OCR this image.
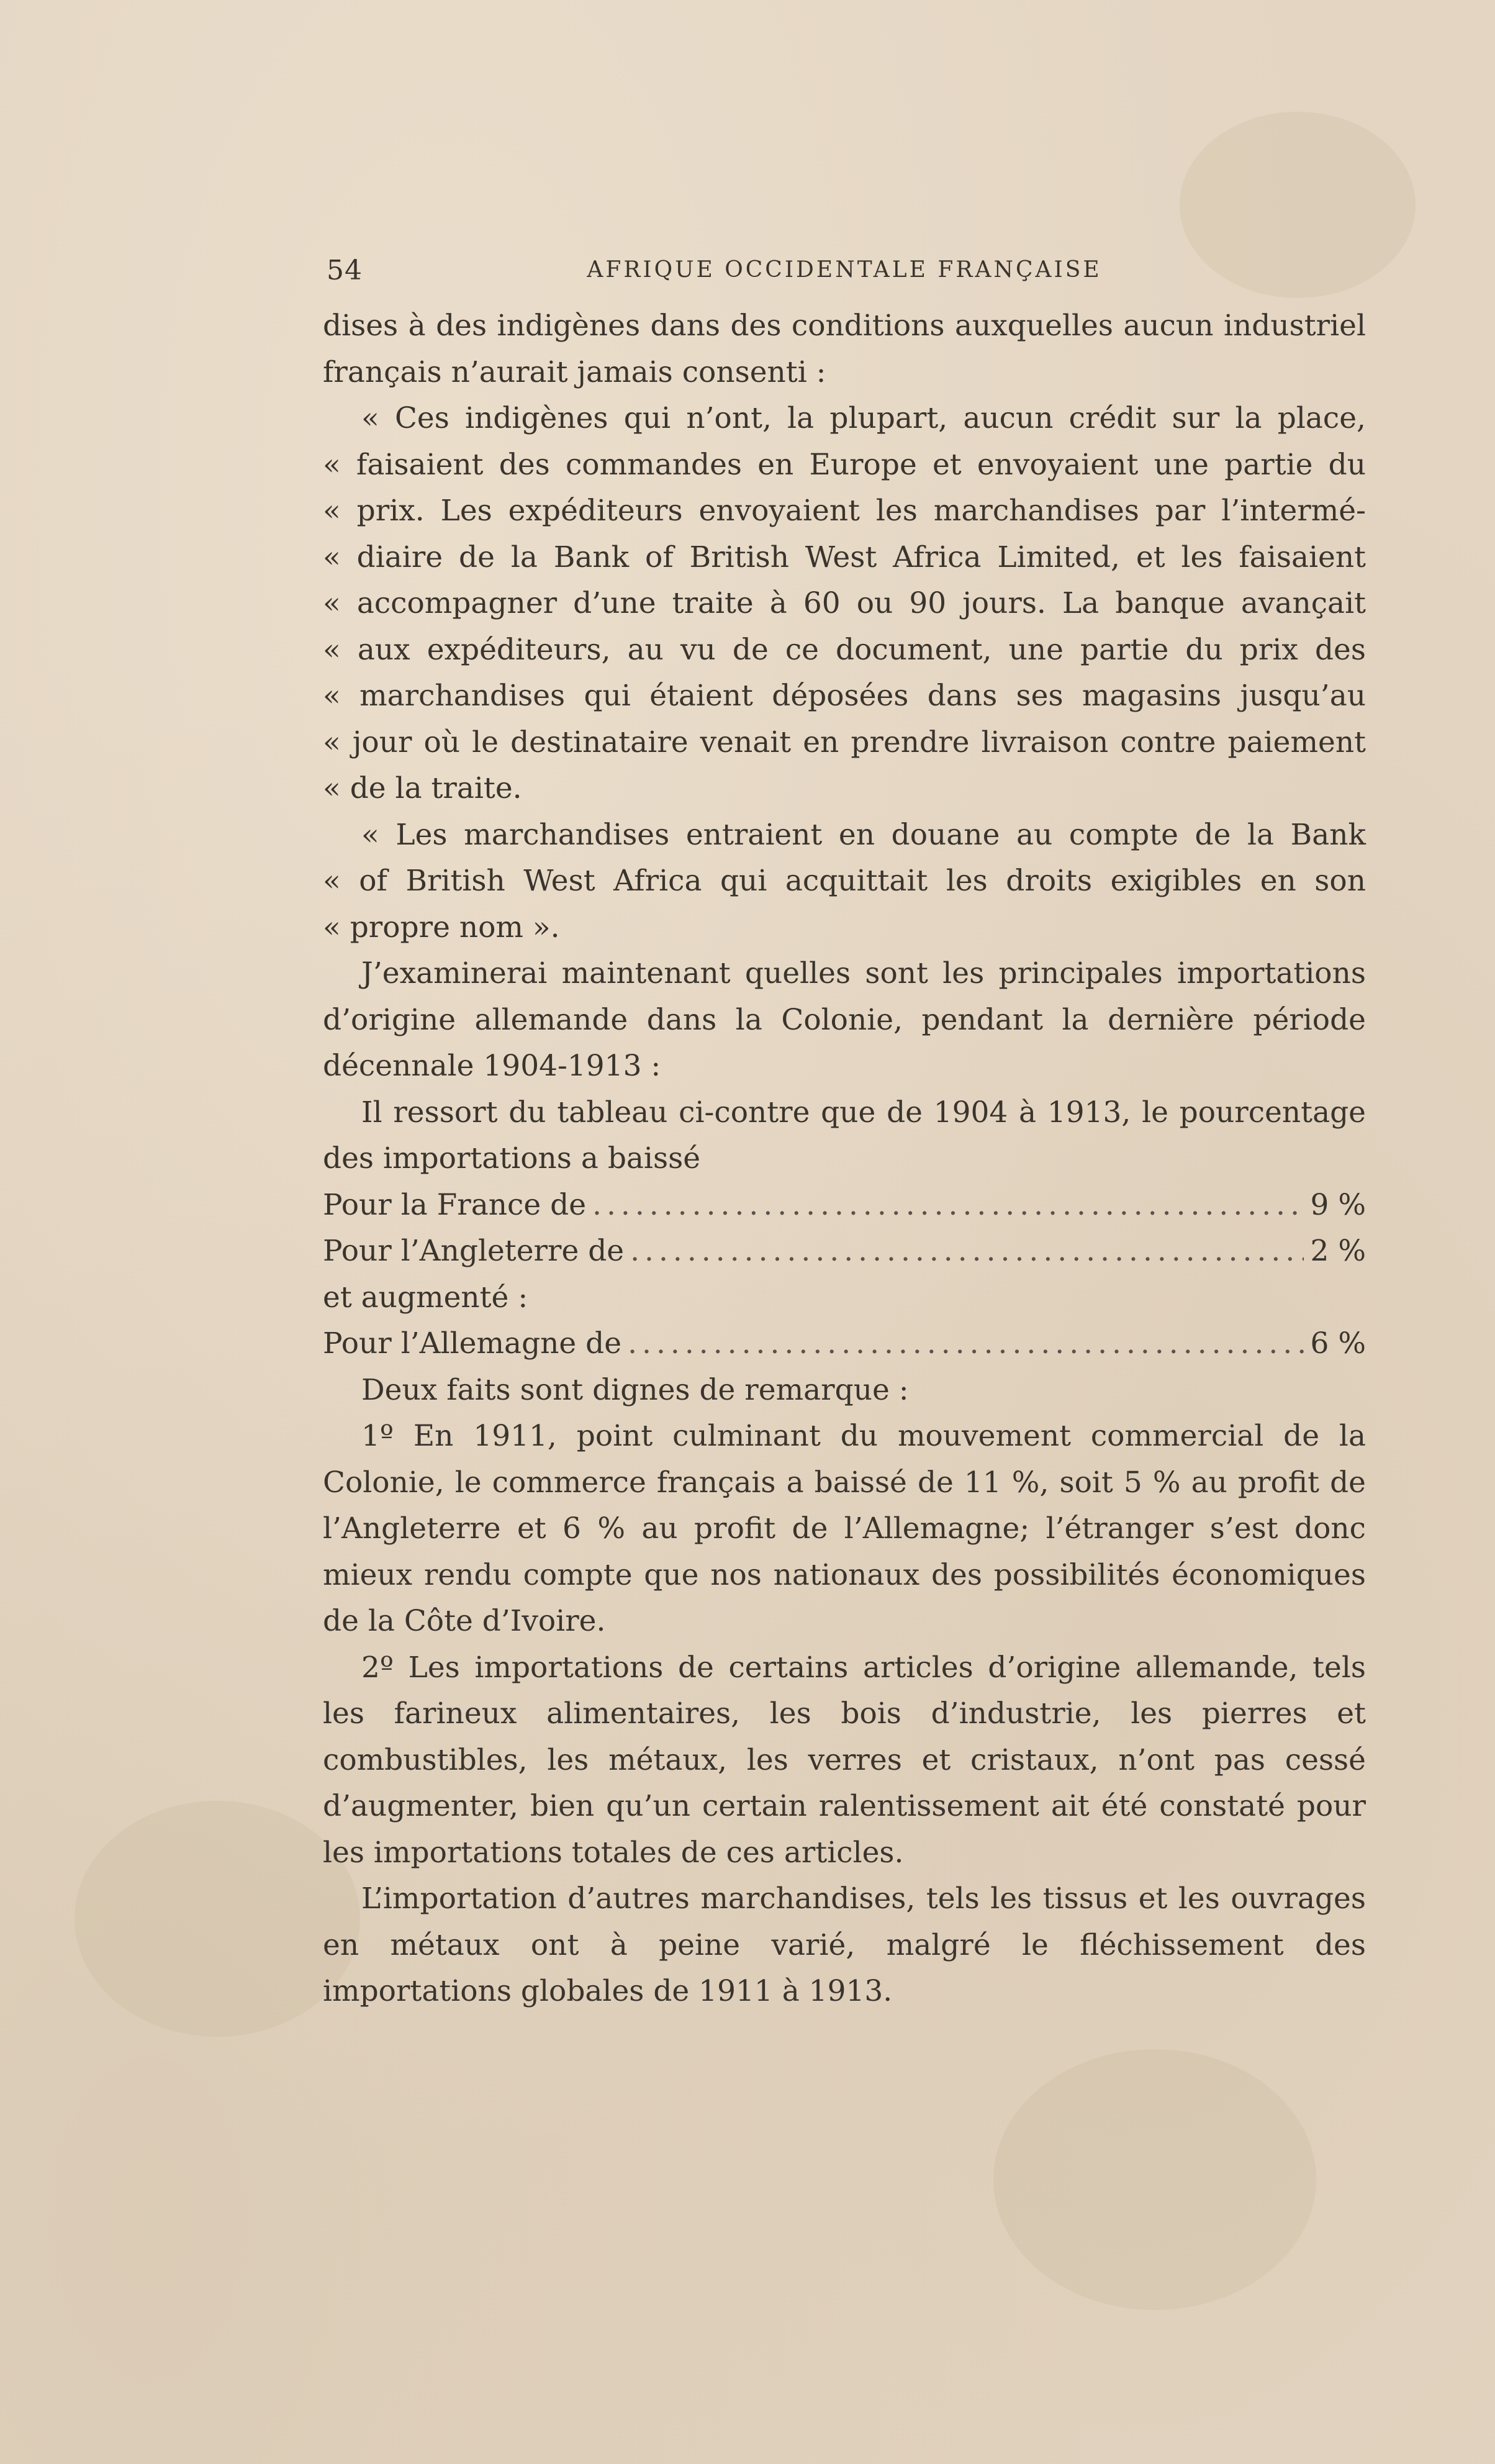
54	AFRIQUE OCCIDENTALE FRANÇAISE

dises à des indigènes dans des conditions auxquelles aucun industriel français n’aurait jamais consenti :

« Ces indigènes qui n’ont, la plupart, aucun crédit sur la place,

« faisaient des commandes en Europe et envoyaient une partie du

« prix. Les expéditeurs envoyaient les marchandises par l’intermé-

« diaire de la Bank of British West Africa Limited, et les faisaient

« accompagner d’une traite à 60 ou 90 jours. La banque avançait

« aux expéditeurs, au vu de ce document, une partie du prix des

« marchandises qui étaient déposées dans ses magasins jusqu’au

« jour où le destinataire venait en prendre livraison contre paiement

« de la traite.

« Les marchandises entraient en douane au compte de la Bank

« of British West Africa qui acquittait les droits exigibles en son

« propre nom ».

J’examinerai maintenant quelles sont les principales importations d’origine allemande dans la Colonie, pendant la dernière période décennale 1904-1913 :

Il ressort du tableau ci-contre que de 1904 à 1913, le pourcentage des importations a baissé

Pour la France de .....	9 %
Pour l’Angleterre de .....	2 %

et augmenté :

Pour l’Allemagne de .....	6 %

Deux faits sont dignes de remarque :

1º En 1911, point culminant du mouvement commercial de la Colonie, le commerce français a baissé de 11 %, soit 5 % au profit de l’Angleterre et 6 % au profit de l’Allemagne; l’étranger s’est donc mieux rendu compte que nos nationaux des possibilités économiques de la Côte d’Ivoire.

2º Les importations de certains articles d’origine allemande, tels les farineux alimentaires, les bois d’industrie, les pierres et combustibles, les métaux, les verres et cristaux, n’ont pas cessé d’augmenter, bien qu’un certain ralentissement ait été constaté pour les importations totales de ces articles.

L’importation d’autres marchandises, tels les tissus et les ouvrages en métaux ont à peine varié, malgré le fléchissement des importations globales de 1911 à 1913.
